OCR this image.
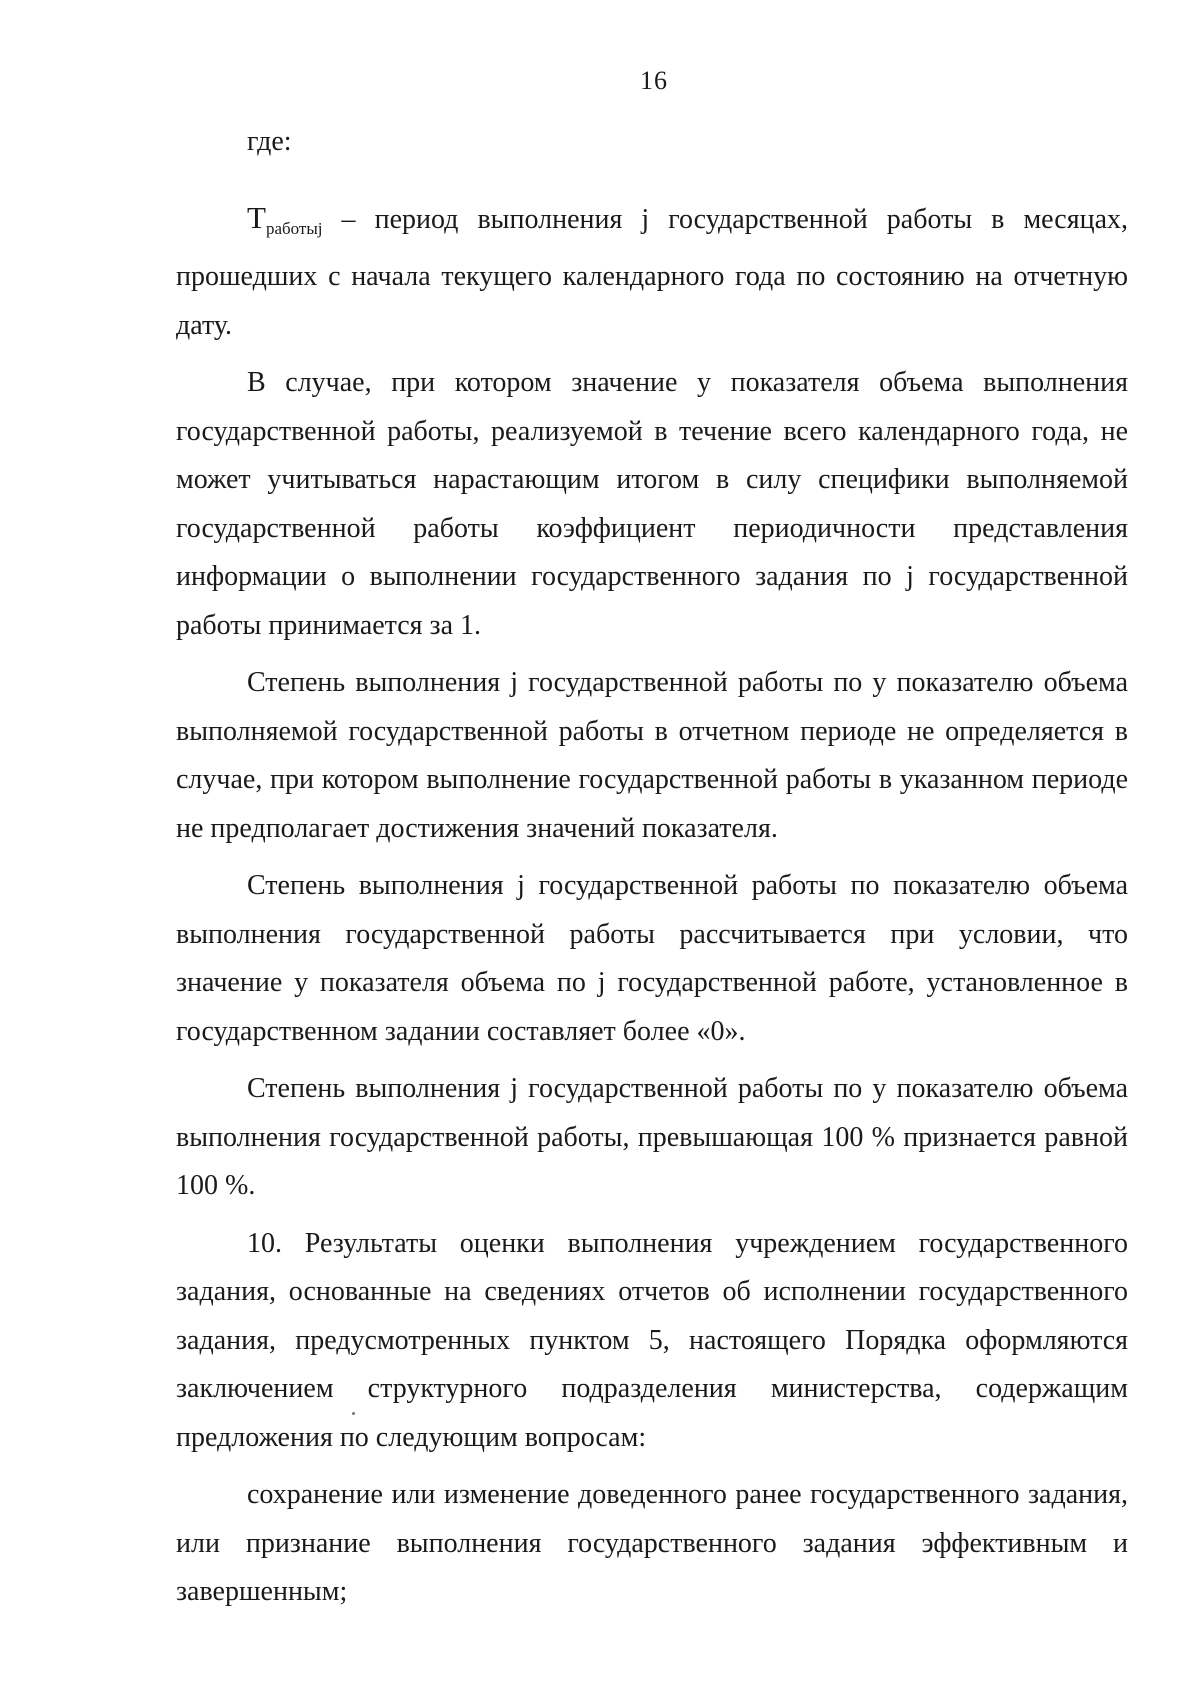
16

где:

$T_{работыj}$ – период выполнения j государственной работы в месяцах, прошедших с начала текущего календарного года по состоянию на отчетную дату.

В случае, при котором значение у показателя объема выполнения государственной работы, реализуемой в течение всего календарного года, не может учитываться нарастающим итогом в силу специфики выполняемой государственной работы коэффициент периодичности представления информации о выполнении государственного задания по j государственной работы принимается за 1.

Степень выполнения j государственной работы по у показателю объема выполняемой государственной работы в отчетном периоде не определяется в случае, при котором выполнение государственной работы в указанном периоде не предполагает достижения значений показателя.

Степень выполнения j государственной работы по показателю объема выполнения государственной работы рассчитывается при условии, что значение у показателя объема по j государственной работе, установленное в государственном задании составляет более «0».

Степень выполнения j государственной работы по у показателю объема выполнения государственной работы, превышающая 100 % признается равной 100 %.

10. Результаты оценки выполнения учреждением государственного задания, основанные на сведениях отчетов об исполнении государственного задания, предусмотренных пунктом 5, настоящего Порядка оформляются заключением структурного подразделения министерства, содержащим предложения по следующим вопросам:

сохранение или изменение доведенного ранее государственного задания, или признание выполнения государственного задания эффективным и завершенным;
